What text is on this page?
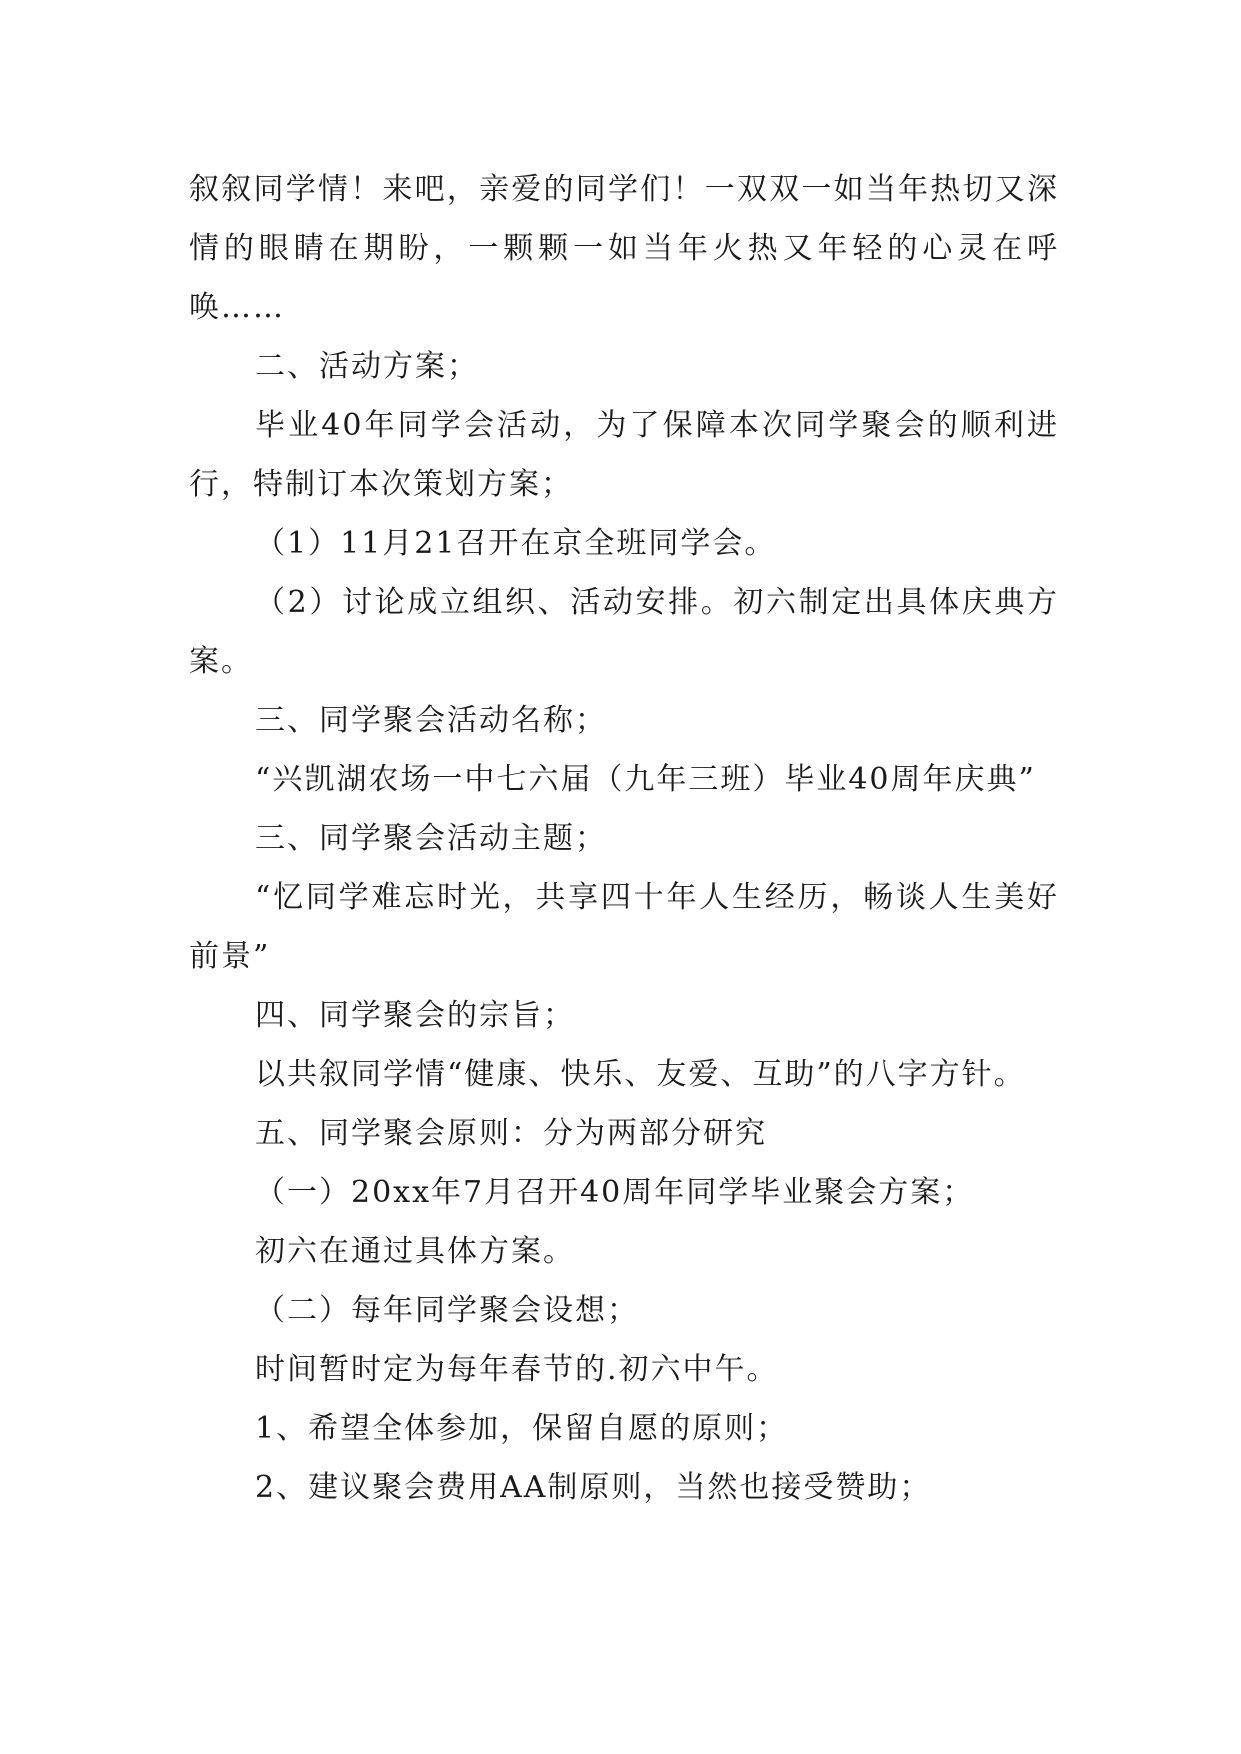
叙叙同学情！来吧，亲爱的同学们！一双双一如当年热切又深情的眼睛在期盼，一颗颗一如当年火热又年轻的心灵在呼唤……

二、活动方案；

毕业40年同学会活动，为了保障本次同学聚会的顺利进行，特制订本次策划方案；

（1）11月21召开在京全班同学会。

（2）讨论成立组织、活动安排。初六制定出具体庆典方案。

三、同学聚会活动名称；

“兴凯湖农场一中七六届（九年三班）毕业40周年庆典”

三、同学聚会活动主题；

“忆同学难忘时光，共享四十年人生经历，畅谈人生美好前景”

四、同学聚会的宗旨；

以共叙同学情“健康、快乐、友爱、互助”的八字方针。

五、同学聚会原则：分为两部分研究

（一）20xx年7月召开40周年同学毕业聚会方案；

初六在通过具体方案。

（二）每年同学聚会设想；

时间暂时定为每年春节的.初六中午。

1、希望全体参加，保留自愿的原则；

2、建议聚会费用AA制原则，当然也接受赞助；
